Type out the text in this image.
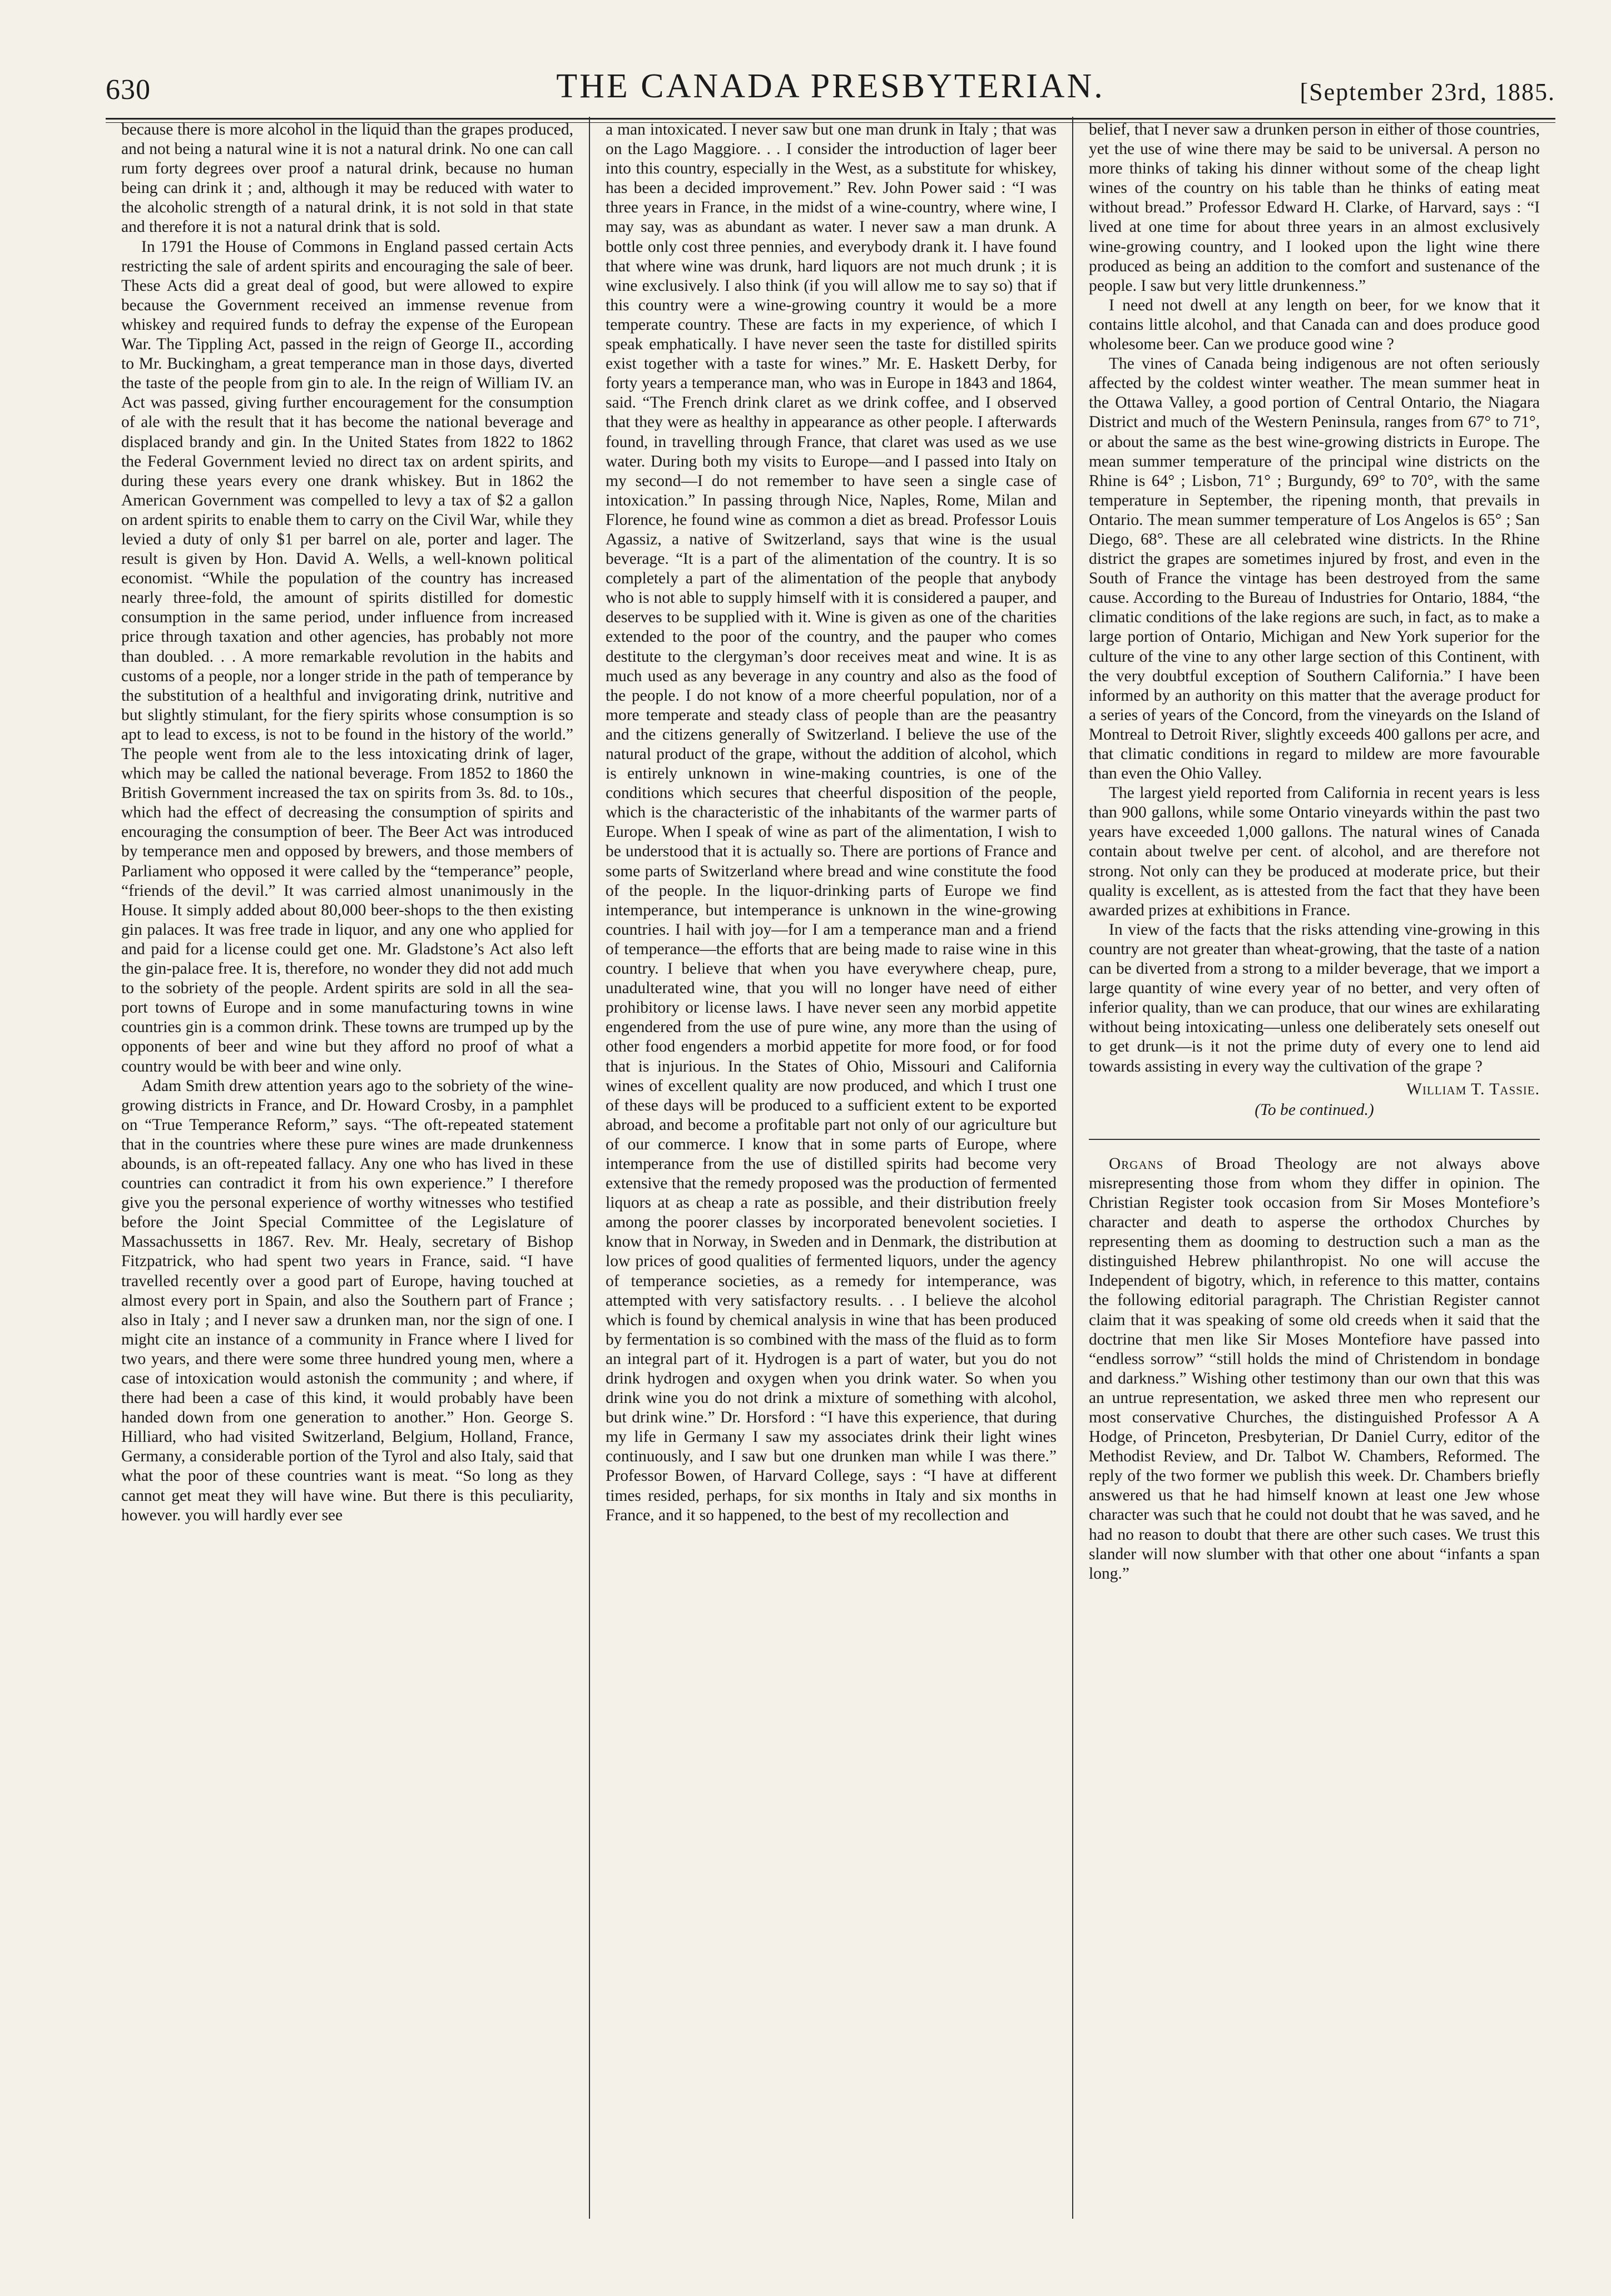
630	THE CANADA PRESBYTERIAN.	[September 23rd, 1885.

because there is more alcohol in the liquid than the grapes produced, and not being a natural wine it is not a natural drink. No one can call rum forty degrees over proof a natural drink, because no human being can drink it ; and, although it may be reduced with water to the alcoholic strength of a natural drink, it is not sold in that state and therefore it is not a natural drink that is sold.

In 1791 the House of Commons in England passed certain Acts restricting the sale of ardent spirits and encouraging the sale of beer. These Acts did a great deal of good, but were allowed to expire because the Government received an immense revenue from whiskey and required funds to defray the expense of the European War. The Tippling Act, passed in the reign of George II., according to Mr. Buckingham, a great temperance man in those days, diverted the taste of the people from gin to ale. In the reign of William IV. an Act was passed, giving further encouragement for the consumption of ale with the result that it has become the national beverage and displaced brandy and gin. In the United States from 1822 to 1862 the Federal Government levied no direct tax on ardent spirits, and during these years every one drank whiskey. But in 1862 the American Government was compelled to levy a tax of $2 a gallon on ardent spirits to enable them to carry on the Civil War, while they levied a duty of only $1 per barrel on ale, porter and lager. The result is given by Hon. David A. Wells, a well-known political economist. “While the population of the country has increased nearly three-fold, the amount of spirits distilled for domestic consumption in the same period, under influence from increased price through taxation and other agencies, has probably not more than doubled. . . A more remarkable revolution in the habits and customs of a people, nor a longer stride in the path of temperance by the substitution of a healthful and invigorating drink, nutritive and but slightly stimulant, for the fiery spirits whose consumption is so apt to lead to excess, is not to be found in the history of the world.” The people went from ale to the less intoxicating drink of lager, which may be called the national beverage. From 1852 to 1860 the British Government increased the tax on spirits from 3s. 8d. to 10s., which had the effect of decreasing the consumption of spirits and encouraging the consumption of beer. The Beer Act was introduced by temperance men and opposed by brewers, and those members of Parliament who opposed it were called by the “temperance” people, “friends of the devil.” It was carried almost unanimously in the House. It simply added about 80,000 beer-shops to the then existing gin palaces. It was free trade in liquor, and any one who applied for and paid for a license could get one. Mr. Gladstone’s Act also left the gin-palace free. It is, therefore, no wonder they did not add much to the sobriety of the people. Ardent spirits are sold in all the sea-port towns of Europe and in some manufacturing towns in wine countries gin is a common drink. These towns are trumped up by the opponents of beer and wine but they afford no proof of what a country would be with beer and wine only.

Adam Smith drew attention years ago to the sobriety of the wine-growing districts in France, and Dr. Howard Crosby, in a pamphlet on “True Temperance Reform,” says. “The oft-repeated statement that in the countries where these pure wines are made drunkenness abounds, is an oft-repeated fallacy. Any one who has lived in these countries can contradict it from his own experience.” I therefore give you the personal experience of worthy witnesses who testified before the Joint Special Committee of the Legislature of Massachussetts in 1867. Rev. Mr. Healy, secretary of Bishop Fitzpatrick, who had spent two years in France, said. “I have travelled recently over a good part of Europe, having touched at almost every port in Spain, and also the Southern part of France ; also in Italy ; and I never saw a drunken man, nor the sign of one. I might cite an instance of a community in France where I lived for two years, and there were some three hundred young men, where a case of intoxication would astonish the community ; and where, if there had been a case of this kind, it would probably have been handed down from one generation to another.” Hon. George S. Hilliard, who had visited Switzerland, Belgium, Holland, France, Germany, a considerable portion of the Tyrol and also Italy, said that what the poor of these countries want is meat. “So long as they cannot get meat they will have wine. But there is this peculiarity, however. you will hardly ever see

a man intoxicated. I never saw but one man drunk in Italy ; that was on the Lago Maggiore. . . I consider the introduction of lager beer into this country, especially in the West, as a substitute for whiskey, has been a decided improvement.” Rev. John Power said : “I was three years in France, in the midst of a wine-country, where wine, I may say, was as abundant as water. I never saw a man drunk. A bottle only cost three pennies, and everybody drank it. I have found that where wine was drunk, hard liquors are not much drunk ; it is wine exclusively. I also think (if you will allow me to say so) that if this country were a wine-growing country it would be a more temperate country. These are facts in my experience, of which I speak emphatically. I have never seen the taste for distilled spirits exist together with a taste for wines.” Mr. E. Haskett Derby, for forty years a temperance man, who was in Europe in 1843 and 1864, said. “The French drink claret as we drink coffee, and I observed that they were as healthy in appearance as other people. I afterwards found, in travelling through France, that claret was used as we use water. During both my visits to Europe—and I passed into Italy on my second—I do not remember to have seen a single case of intoxication.” In passing through Nice, Naples, Rome, Milan and Florence, he found wine as common a diet as bread. Professor Louis Agassiz, a native of Switzerland, says that wine is the usual beverage. “It is a part of the alimentation of the country. It is so completely a part of the alimentation of the people that anybody who is not able to supply himself with it is considered a pauper, and deserves to be supplied with it. Wine is given as one of the charities extended to the poor of the country, and the pauper who comes destitute to the clergyman’s door receives meat and wine. It is as much used as any beverage in any country and also as the food of the people. I do not know of a more cheerful population, nor of a more temperate and steady class of people than are the peasantry and the citizens generally of Switzerland. I believe the use of the natural product of the grape, without the addition of alcohol, which is entirely unknown in wine-making countries, is one of the conditions which secures that cheerful disposition of the people, which is the characteristic of the inhabitants of the warmer parts of Europe. When I speak of wine as part of the alimentation, I wish to be understood that it is actually so. There are portions of France and some parts of Switzerland where bread and wine constitute the food of the people. In the liquor-drinking parts of Europe we find intemperance, but intemperance is unknown in the wine-growing countries. I hail with joy—for I am a temperance man and a friend of temperance—the efforts that are being made to raise wine in this country. I believe that when you have everywhere cheap, pure, unadulterated wine, that you will no longer have need of either prohibitory or license laws. I have never seen any morbid appetite engendered from the use of pure wine, any more than the using of other food engenders a morbid appetite for more food, or for food that is injurious. In the States of Ohio, Missouri and California wines of excellent quality are now produced, and which I trust one of these days will be produced to a sufficient extent to be exported abroad, and become a profitable part not only of our agriculture but of our commerce. I know that in some parts of Europe, where intemperance from the use of distilled spirits had become very extensive that the remedy proposed was the production of fermented liquors at as cheap a rate as possible, and their distribution freely among the poorer classes by incorporated benevolent societies. I know that in Norway, in Sweden and in Denmark, the distribution at low prices of good qualities of fermented liquors, under the agency of temperance societies, as a remedy for intemperance, was attempted with very satisfactory results. . . I believe the alcohol which is found by chemical analysis in wine that has been produced by fermentation is so combined with the mass of the fluid as to form an integral part of it. Hydrogen is a part of water, but you do not drink hydrogen and oxygen when you drink water. So when you drink wine you do not drink a mixture of something with alcohol, but drink wine.” Dr. Horsford : “I have this experience, that during my life in Germany I saw my associates drink their light wines continuously, and I saw but one drunken man while I was there.” Professor Bowen, of Harvard College, says : “I have at different times resided, perhaps, for six months in Italy and six months in France, and it so happened, to the best of my recollection and

belief, that I never saw a drunken person in either of those countries, yet the use of wine there may be said to be universal. A person no more thinks of taking his dinner without some of the cheap light wines of the country on his table than he thinks of eating meat without bread.” Professor Edward H. Clarke, of Harvard, says : “I lived at one time for about three years in an almost exclusively wine-growing country, and I looked upon the light wine there produced as being an addition to the comfort and sustenance of the people. I saw but very little drunkenness.”

I need not dwell at any length on beer, for we know that it contains little alcohol, and that Canada can and does produce good wholesome beer. Can we produce good wine ?

The vines of Canada being indigenous are not often seriously affected by the coldest winter weather. The mean summer heat in the Ottawa Valley, a good portion of Central Ontario, the Niagara District and much of the Western Peninsula, ranges from 67° to 71°, or about the same as the best wine-growing districts in Europe. The mean summer temperature of the principal wine districts on the Rhine is 64° ; Lisbon, 71° ; Burgundy, 69° to 70°, with the same temperature in September, the ripening month, that prevails in Ontario. The mean summer temperature of Los Angelos is 65° ; San Diego, 68°. These are all celebrated wine districts. In the Rhine district the grapes are sometimes injured by frost, and even in the South of France the vintage has been destroyed from the same cause. According to the Bureau of Industries for Ontario, 1884, “the climatic conditions of the lake regions are such, in fact, as to make a large portion of Ontario, Michigan and New York superior for the culture of the vine to any other large section of this Continent, with the very doubtful exception of Southern California.” I have been informed by an authority on this matter that the average product for a series of years of the Concord, from the vineyards on the Island of Montreal to Detroit River, slightly exceeds 400 gallons per acre, and that climatic conditions in regard to mildew are more favourable than even the Ohio Valley.

The largest yield reported from California in recent years is less than 900 gallons, while some Ontario vineyards within the past two years have exceeded 1,000 gallons. The natural wines of Canada contain about twelve per cent. of alcohol, and are therefore not strong. Not only can they be produced at moderate price, but their quality is excellent, as is attested from the fact that they have been awarded prizes at exhibitions in France.

In view of the facts that the risks attending vine-growing in this country are not greater than wheat-growing, that the taste of a nation can be diverted from a strong to a milder beverage, that we import a large quantity of wine every year of no better, and very often of inferior quality, than we can produce, that our wines are exhilarating without being intoxicating—unless one deliberately sets oneself out to get drunk—is it not the prime duty of every one to lend aid towards assisting in every way the cultivation of the grape ?

William T. Tassie.
(To be continued.)

Organs of Broad Theology are not always above misrepresenting those from whom they differ in opinion. The Christian Register took occasion from Sir Moses Montefiore’s character and death to asperse the orthodox Churches by representing them as dooming to destruction such a man as the distinguished Hebrew philanthropist. No one will accuse the Independent of bigotry, which, in reference to this matter, contains the following editorial paragraph. The Christian Register cannot claim that it was speaking of some old creeds when it said that the doctrine that men like Sir Moses Montefiore have passed into “endless sorrow” “still holds the mind of Christendom in bondage and darkness.” Wishing other testimony than our own that this was an untrue representation, we asked three men who represent our most conservative Churches, the distinguished Professor A A Hodge, of Princeton, Presbyterian, Dr Daniel Curry, editor of the Methodist Review, and Dr. Talbot W. Chambers, Reformed. The reply of the two former we publish this week. Dr. Chambers briefly answered us that he had himself known at least one Jew whose character was such that he could not doubt that he was saved, and he had no reason to doubt that there are other such cases. We trust this slander will now slumber with that other one about “infants a span long.”
